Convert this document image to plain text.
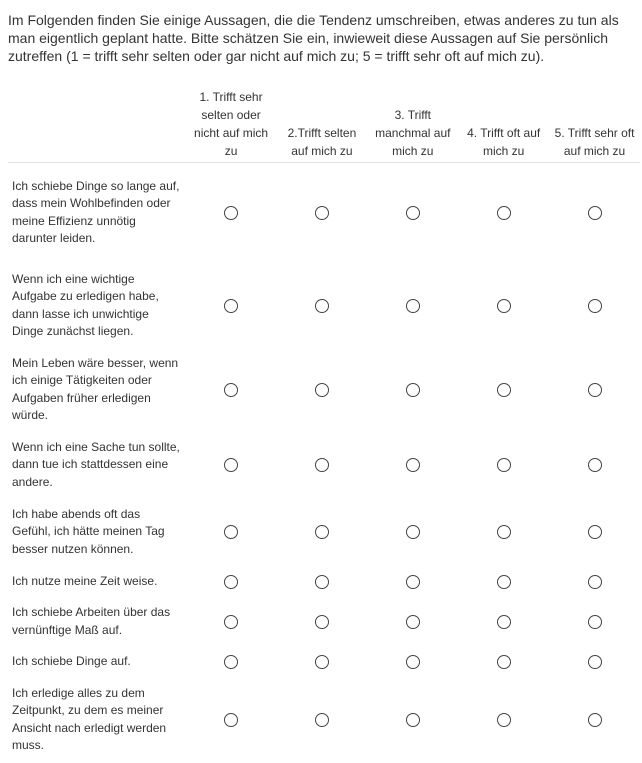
Im Folgenden finden Sie einige Aussagen, die die Tendenz umschreiben, etwas anderes zu tun als man eigentlich geplant hatte. Bitte schätzen Sie ein, inwieweit diese Aussagen auf Sie persönlich zutreffen (1 = trifft sehr selten oder gar nicht auf mich zu; 5 = trifft sehr oft auf mich zu).

	1. Trifft sehr selten oder nicht auf mich zu	2.Trifft selten auf mich zu	3. Trifft manchmal auf mich zu	4. Trifft oft auf mich zu	5. Trifft sehr oft auf mich zu

Ich schiebe Dinge so lange auf, dass mein Wohlbefinden oder meine Effizienz unnötig darunter leiden.					
Wenn ich eine wichtige Aufgabe zu erledigen habe, dann lasse ich unwichtige Dinge zunächst liegen.					
Mein Leben wäre besser, wenn ich einige Tätigkeiten oder Aufgaben früher erledigen würde.					
Wenn ich eine Sache tun sollte, dann tue ich stattdessen eine andere.					
Ich habe abends oft das Gefühl, ich hätte meinen Tag besser nutzen können.					
Ich nutze meine Zeit weise.					
Ich schiebe Arbeiten über das vernünftige Maß auf.					
Ich schiebe Dinge auf.					
Ich erledige alles zu dem Zeitpunkt, zu dem es meiner Ansicht nach erledigt werden muss.					
